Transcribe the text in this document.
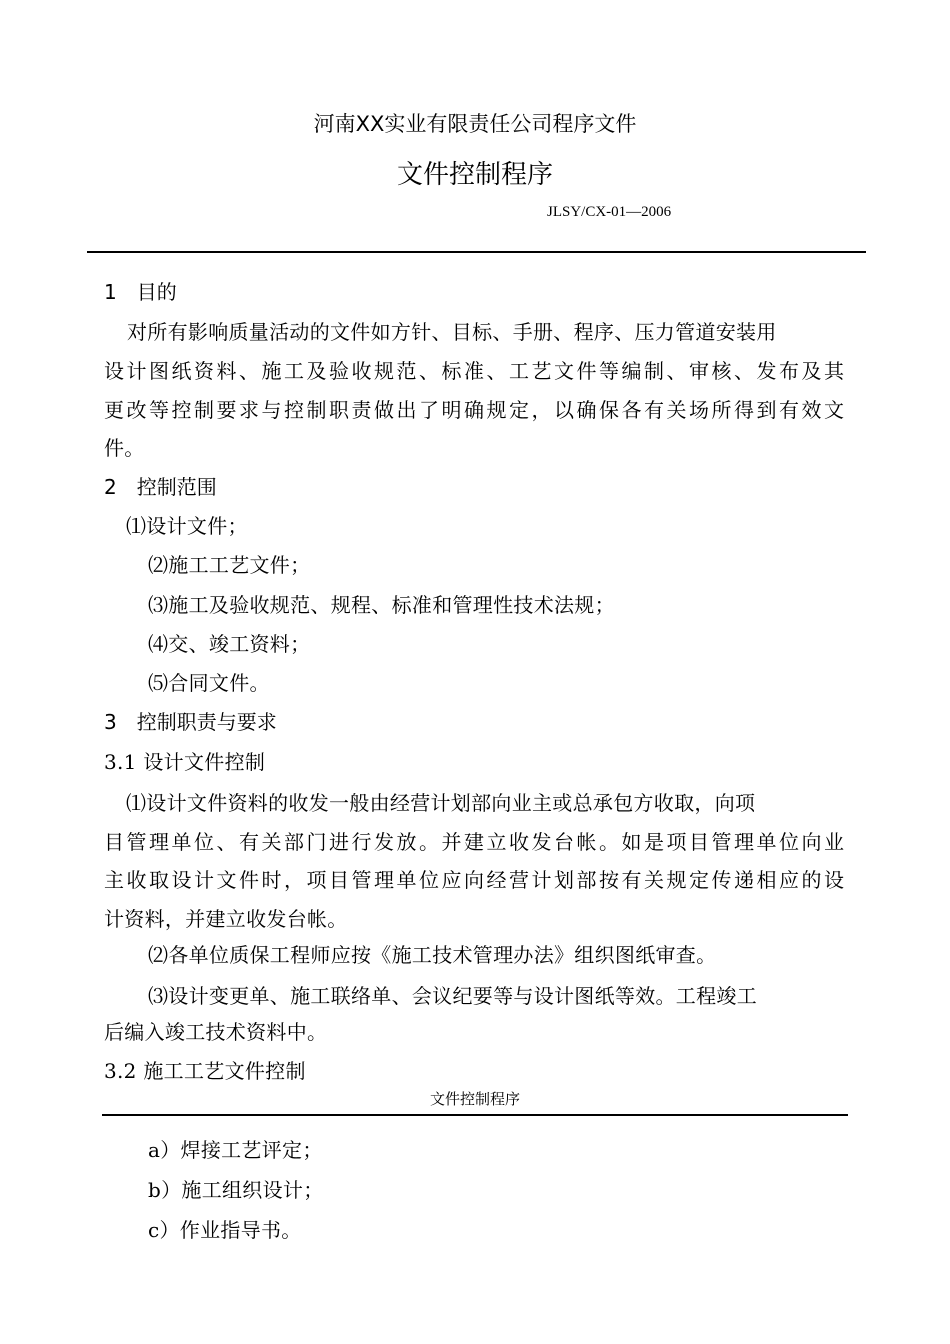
河南XX实业有限责任公司程序文件
文件控制程序
JLSY/CX-01—2006
1　目的
对所有影响质量活动的文件如方针、目标、手册、程序、压力管道安装用
设计图纸资料、施工及验收规范、标准、工艺文件等编制、审核、发布及其
更改等控制要求与控制职责做出了明确规定，以确保各有关场所得到有效文
件。
2　控制范围
⑴设计文件；
⑵施工工艺文件；
⑶施工及验收规范、规程、标准和管理性技术法规；
⑷交、竣工资料；
⑸合同文件。
3　控制职责与要求
3.1 设计文件控制
⑴设计文件资料的收发一般由经营计划部向业主或总承包方收取，向项
目管理单位、有关部门进行发放。并建立收发台帐。如是项目管理单位向业
主收取设计文件时，项目管理单位应向经营计划部按有关规定传递相应的设
计资料，并建立收发台帐。
⑵各单位质保工程师应按《施工技术管理办法》组织图纸审查。
⑶设计变更单、施工联络单、会议纪要等与设计图纸等效。工程竣工
后编入竣工技术资料中。
3.2 施工工艺文件控制
文件控制程序
a）焊接工艺评定；
b）施工组织设计；
c）作业指导书。
